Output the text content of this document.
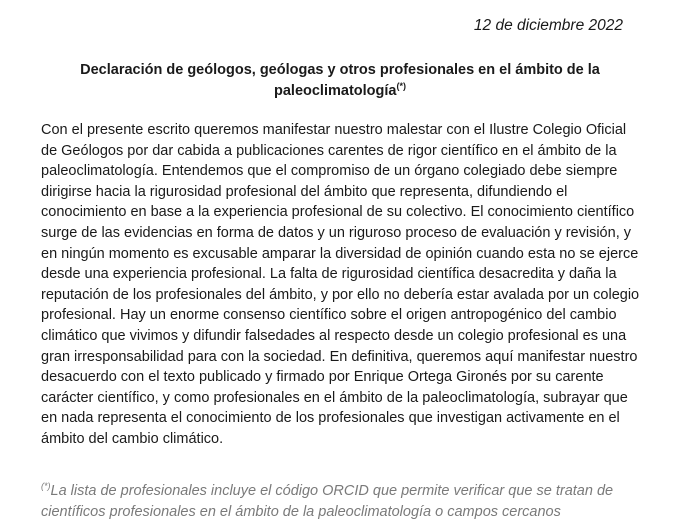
12 de diciembre 2022
Declaración de geólogos, geólogas y otros profesionales en el ámbito de la paleoclimatología(*)
Con el presente escrito queremos manifestar nuestro malestar con el Ilustre Colegio Oficial de Geólogos por dar cabida a publicaciones carentes de rigor científico en el ámbito de la paleoclimatología. Entendemos que el compromiso de un órgano colegiado debe siempre dirigirse hacia la rigurosidad profesional del ámbito que representa, difundiendo el conocimiento en base a la experiencia profesional de su colectivo. El conocimiento científico surge de las evidencias en forma de datos y un riguroso proceso de evaluación y revisión, y en ningún momento es excusable amparar la diversidad de opinión cuando esta no se ejerce desde una experiencia profesional. La falta de rigurosidad científica desacredita y daña la reputación de los profesionales del ámbito, y por ello no debería estar avalada por un colegio profesional. Hay un enorme consenso científico sobre el origen antropogénico del cambio climático que vivimos y difundir falsedades al respecto desde un colegio profesional es una gran irresponsabilidad para con la sociedad. En definitiva, queremos aquí manifestar nuestro desacuerdo con el texto publicado y firmado por Enrique Ortega Gironés por su carente carácter científico, y como profesionales en el ámbito de la paleoclimatología, subrayar que en nada representa el conocimiento de los profesionales que investigan activamente en el ámbito del cambio climático.
(*)La lista de profesionales incluye el código ORCID que permite verificar que se tratan de científicos profesionales en el ámbito de la paleoclimatología o campos cercanos
